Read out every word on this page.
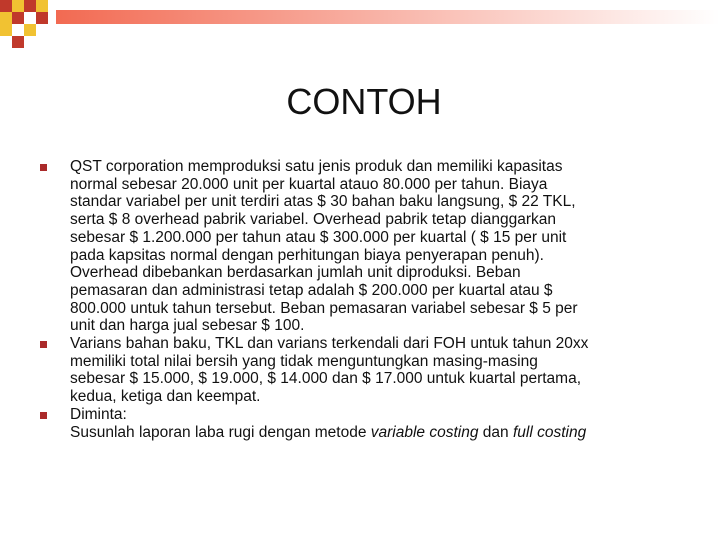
CONTOH
QST corporation memproduksi satu jenis produk dan memiliki kapasitas
normal sebesar 20.000 unit per kuartal atauo 80.000 per tahun. Biaya
standar variabel per unit terdiri atas $ 30 bahan baku langsung, $ 22 TKL,
serta $ 8 overhead pabrik variabel. Overhead pabrik tetap dianggarkan
sebesar $ 1.200.000 per tahun atau $ 300.000 per kuartal ( $ 15 per unit
pada kapsitas normal dengan perhitungan biaya penyerapan penuh).
Overhead dibebankan berdasarkan jumlah unit diproduksi. Beban
pemasaran dan administrasi tetap adalah $ 200.000 per kuartal atau $
800.000 untuk tahun tersebut. Beban pemasaran variabel sebesar $ 5 per
unit dan harga jual sebesar $ 100.
Varians bahan baku, TKL dan varians terkendali dari FOH untuk tahun 20xx
memiliki total nilai bersih yang tidak menguntungkan masing-masing
sebesar $ 15.000, $ 19.000, $ 14.000 dan $ 17.000 untuk kuartal pertama,
kedua, ketiga dan keempat.
Diminta:
Susunlah laporan laba rugi dengan metode variable costing dan full costing
